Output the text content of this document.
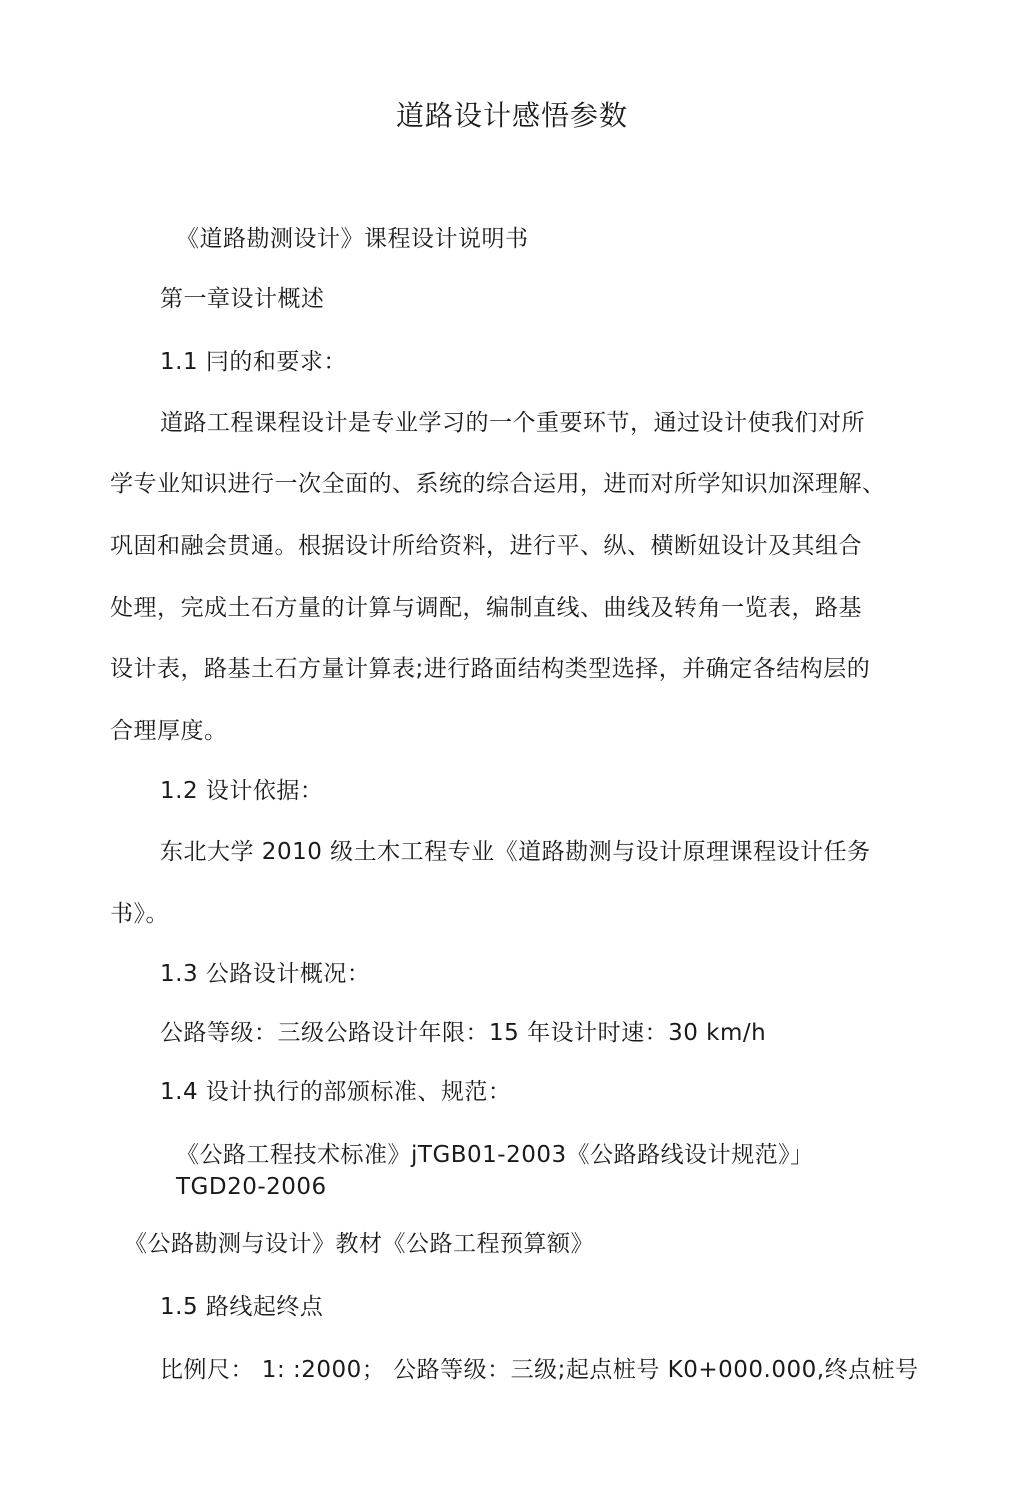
道路设计感悟参数
《道路勘测设计》课程设计说明书
第一章设计概述
1.1 冃的和要求：
道路工程课程设计是专业学习的一个重要环节，通过设计使我们对所
学专业知识进行一次全面的、系统的综合运用，进而对所学知识加深理解、
巩固和融会贯通。根据设计所给资料，进行平、纵、横断妞设计及其组合
处理，完成土石方量的计算与调配，编制直线、曲线及转角一览表，路基
设计表，路基土石方量计算表;进行路面结构类型选择，并确定各结构层的
合理厚度。
1.2 设计依据：
东北大学 2010 级土木工程专业《道路勘测与设计原理课程设计任务
书》。
1.3 公路设计概况：
公路等级：三级公路设计年限：15 年设计时速：30 km/h
1.4 设计执行的部颁标准、规范：
《公路工程技术标准》jTGB01-2003《公路路线设计规范》」
TGD20-2006
《公路勘测与设计》教材《公路工程预算额》
1.5 路线起终点
比例尺： 1: :2000； 公路等级：三级;起点桩号 K0+000.000,终点桩号
